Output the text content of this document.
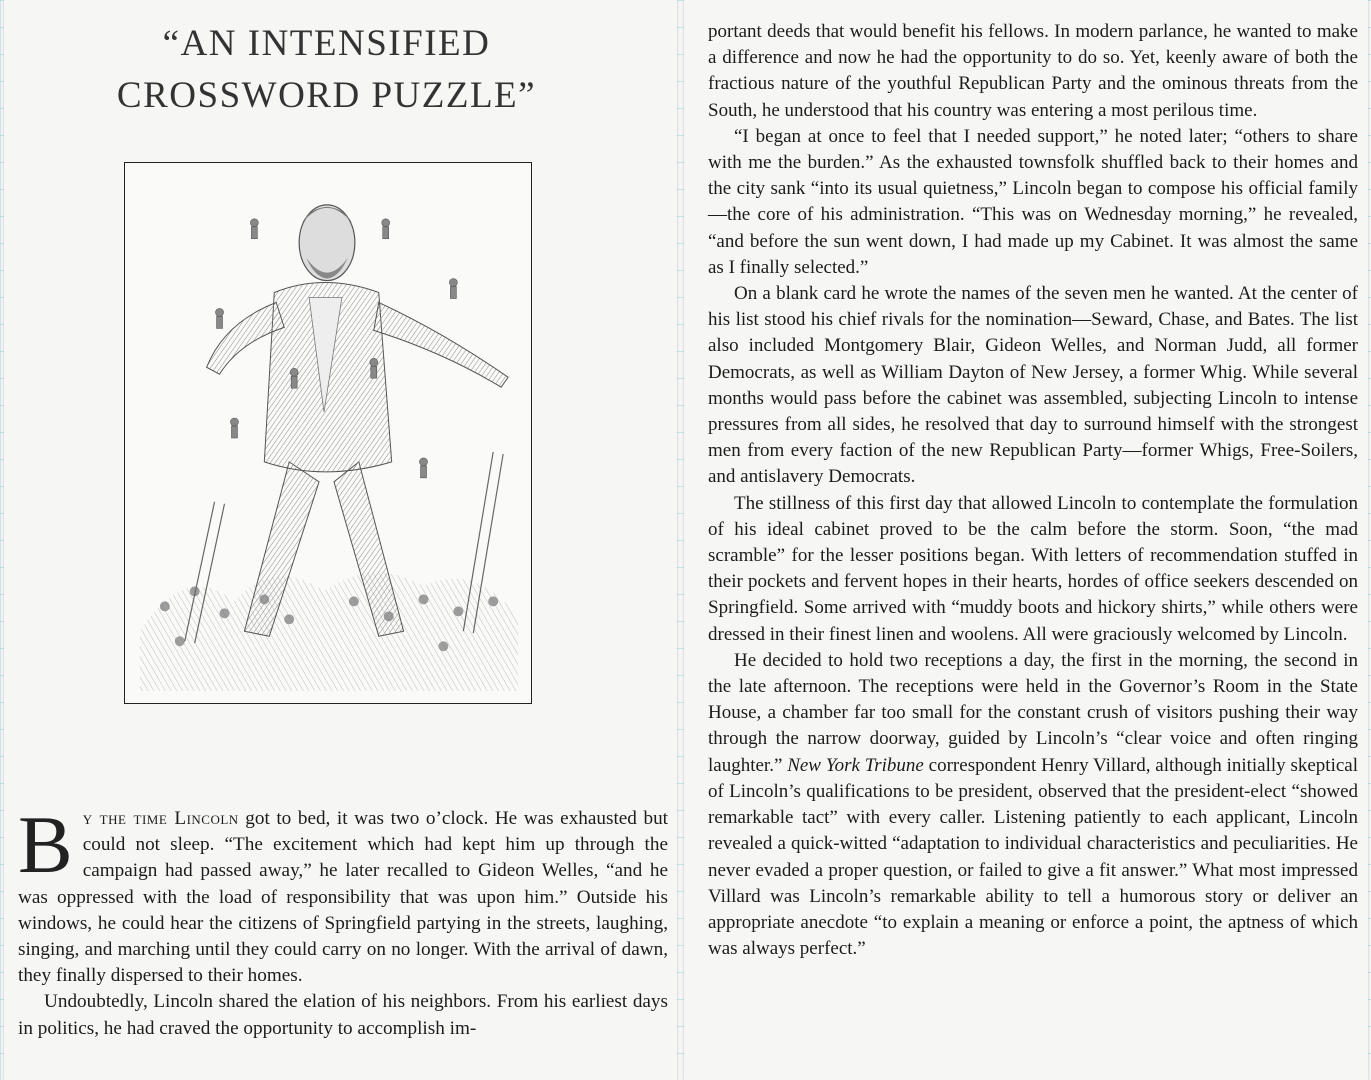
“AN INTENSIFIED
CROSSWORD PUZZLE”

By the time Lincoln got to bed, it was two o’clock. He was exhausted but could not sleep. “The excitement which had kept him up through the campaign had passed away,” he later recalled to Gideon Welles, “and he was oppressed with the load of responsibility that was upon him.” Outside his windows, he could hear the citizens of Springfield partying in the streets, laughing, singing, and marching until they could carry on no longer. With the arrival of dawn, they finally dispersed to their homes.

Undoubtedly, Lincoln shared the elation of his neighbors. From his earliest days in politics, he had craved the opportunity to accomplish im-

portant deeds that would benefit his fellows. In modern parlance, he wanted to make a difference and now he had the opportunity to do so. Yet, keenly aware of both the fractious nature of the youthful Republican Party and the ominous threats from the South, he understood that his country was entering a most perilous time.

“I began at once to feel that I needed support,” he noted later; “others to share with me the burden.” As the exhausted townsfolk shuffled back to their homes and the city sank “into its usual quietness,” Lincoln began to compose his official family—the core of his administration. “This was on Wednesday morning,” he revealed, “and before the sun went down, I had made up my Cabinet. It was almost the same as I finally selected.”

On a blank card he wrote the names of the seven men he wanted. At the center of his list stood his chief rivals for the nomination—Seward, Chase, and Bates. The list also included Montgomery Blair, Gideon Welles, and Norman Judd, all former Democrats, as well as William Dayton of New Jersey, a former Whig. While several months would pass before the cabinet was assembled, subjecting Lincoln to intense pressures from all sides, he resolved that day to surround himself with the strongest men from every faction of the new Republican Party—former Whigs, Free-Soilers, and antislavery Democrats.

The stillness of this first day that allowed Lincoln to contemplate the formulation of his ideal cabinet proved to be the calm before the storm. Soon, “the mad scramble” for the lesser positions began. With letters of recommendation stuffed in their pockets and fervent hopes in their hearts, hordes of office seekers descended on Springfield. Some arrived with “muddy boots and hickory shirts,” while others were dressed in their finest linen and woolens. All were graciously welcomed by Lincoln.

He decided to hold two receptions a day, the first in the morning, the second in the late afternoon. The receptions were held in the Governor’s Room in the State House, a chamber far too small for the constant crush of visitors pushing their way through the narrow doorway, guided by Lincoln’s “clear voice and often ringing laughter.” New York Tribune correspondent Henry Villard, although initially skeptical of Lincoln’s qualifications to be president, observed that the president-elect “showed remarkable tact” with every caller. Listening patiently to each applicant, Lincoln revealed a quick-witted “adaptation to individual characteristics and peculiarities. He never evaded a proper question, or failed to give a fit answer.” What most impressed Villard was Lincoln’s remarkable ability to tell a humorous story or deliver an appropriate anecdote “to explain a meaning or enforce a point, the aptness of which was always perfect.”
